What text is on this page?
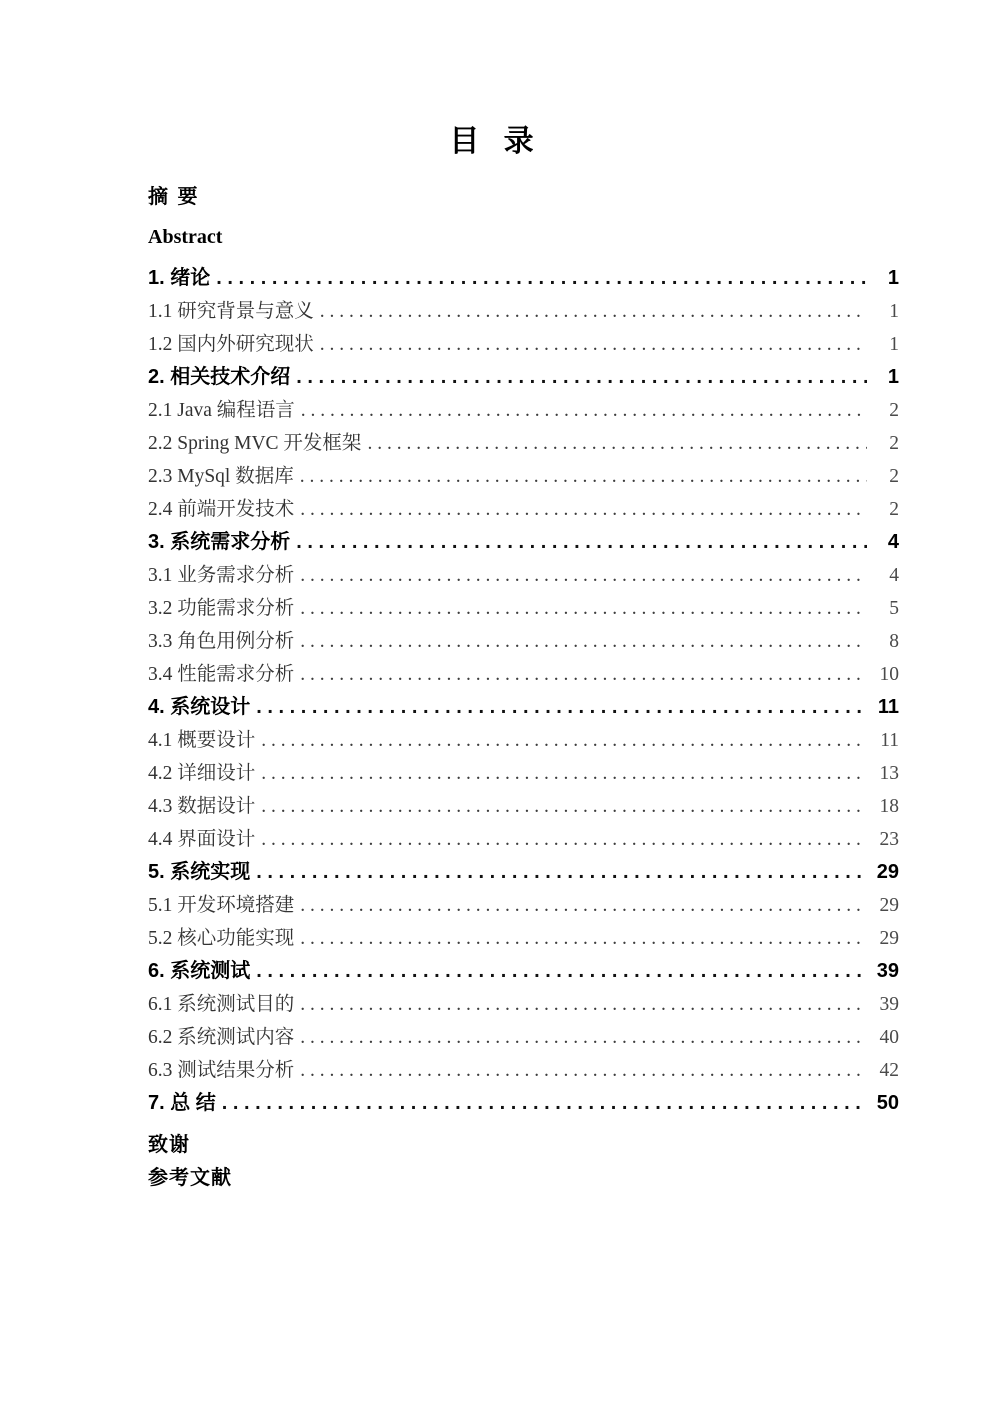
目 录
摘 要
Abstract
1. 绪论 . . .	1
1.1 研究背景与意义 . . .	1
1.2 国内外研究现状 . . .	1
2. 相关技术介绍 . . .	1
2.1 Java 编程语言 . . .	2
2.2 Spring MVC 开发框架 . . .	2
2.3 MySql 数据库 . . .	2
2.4 前端开发技术 . . .	2
3. 系统需求分析 . . .	4
3.1 业务需求分析 . . .	4
3.2 功能需求分析 . . .	5
3.3 角色用例分析 . . .	8
3.4 性能需求分析 . . .	10
4. 系统设计 . . .	11
4.1 概要设计 . . .	11
4.2 详细设计 . . .	13
4.3 数据设计 . . .	18
4.4 界面设计 . . .	23
5. 系统实现 . . .	29
5.1 开发环境搭建 . . .	29
5.2 核心功能实现 . . .	29
6. 系统测试 . . .	39
6.1 系统测试目的 . . .	39
6.2 系统测试内容 . . .	40
6.3 测试结果分析 . . .	42
7. 总 结 . . .	50
致谢
参考文献
